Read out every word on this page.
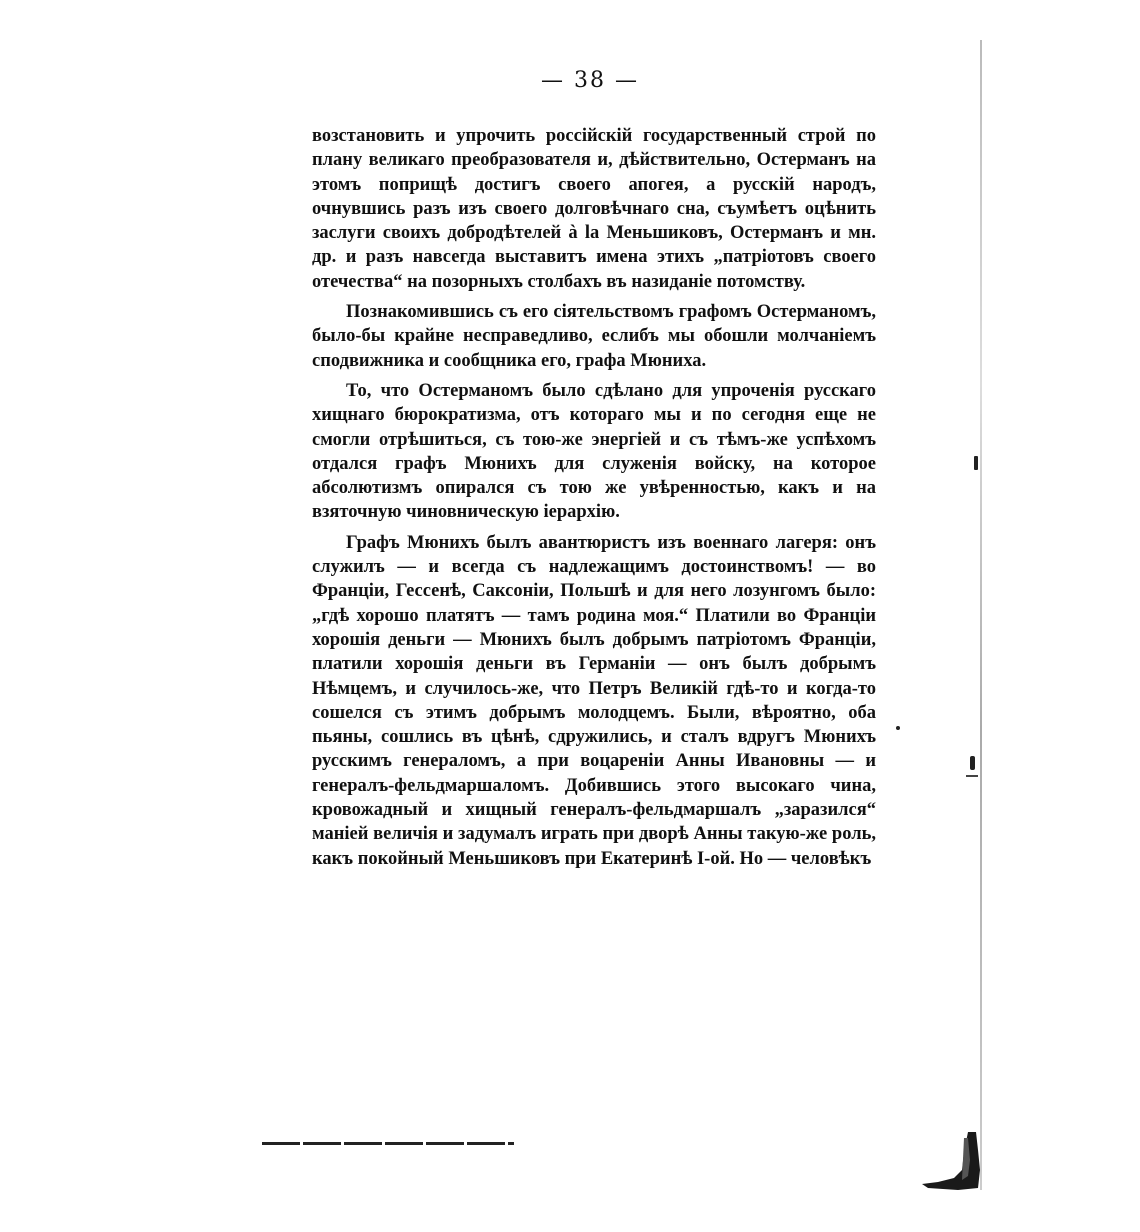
— 38 —

возстановить и упрочить россійскій государственный строй по плану великаго преобразователя и, дѣйствительно, Остерманъ на этомъ поприщѣ достигъ своего апогея, а русскій народъ, очнувшись разъ изъ своего долговѣчнаго сна, съумѣетъ оцѣнить заслуги своихъ добродѣтелей à la Меньшиковъ, Остерманъ и мн. др. и разъ навсегда выставитъ имена этихъ „патріотовъ своего отечества“ на позорныхъ столбахъ въ назиданіе потомству.

Познакомившись съ его сіятельствомъ графомъ Остерманомъ, было-бы крайне несправедливо, еслибъ мы обошли молчаніемъ сподвижника и сообщника его, графа Мюниха.

То, что Остерманомъ было сдѣлано для упроченія русскаго хищнаго бюрократизма, отъ котораго мы и по сегодня еще не смогли отрѣшиться, съ тою-же энергіей и съ тѣмъ-же успѣхомъ отдался графъ Мюнихъ для служенія войску, на которое абсолютизмъ опирался съ тою же увѣренностью, какъ и на взяточную чиновническую іерархію.

Графъ Мюнихъ былъ авантюристъ изъ военнаго лагеря: онъ служилъ — и всегда съ надлежащимъ достоинствомъ! — во Франціи, Гессенѣ, Саксоніи, Польшѣ и для него лозунгомъ было: „гдѣ хорошо платятъ — тамъ родина моя.“ Платили во Франціи хорошія деньги — Мюнихъ былъ добрымъ патріотомъ Франціи, платили хорошія деньги въ Германіи — онъ былъ добрымъ Нѣмцемъ, и случилось-же, что Петръ Великій гдѣ-то и когда-то сошелся съ этимъ добрымъ молодцемъ. Были, вѣроятно, оба пьяны, сошлись въ цѣнѣ, сдружились, и сталъ вдругъ Мюнихъ русскимъ генераломъ, а при воцареніи Анны Ивановны — и генералъ-фельдмаршаломъ. Добившись этого высокаго чина, кровожадный и хищный генералъ-фельдмаршалъ „заразился“ маніей величія и задумалъ играть при дворѣ Анны такую-же роль, какъ покойный Меньшиковъ при Екатеринѣ I-ой. Но — человѣкъ
